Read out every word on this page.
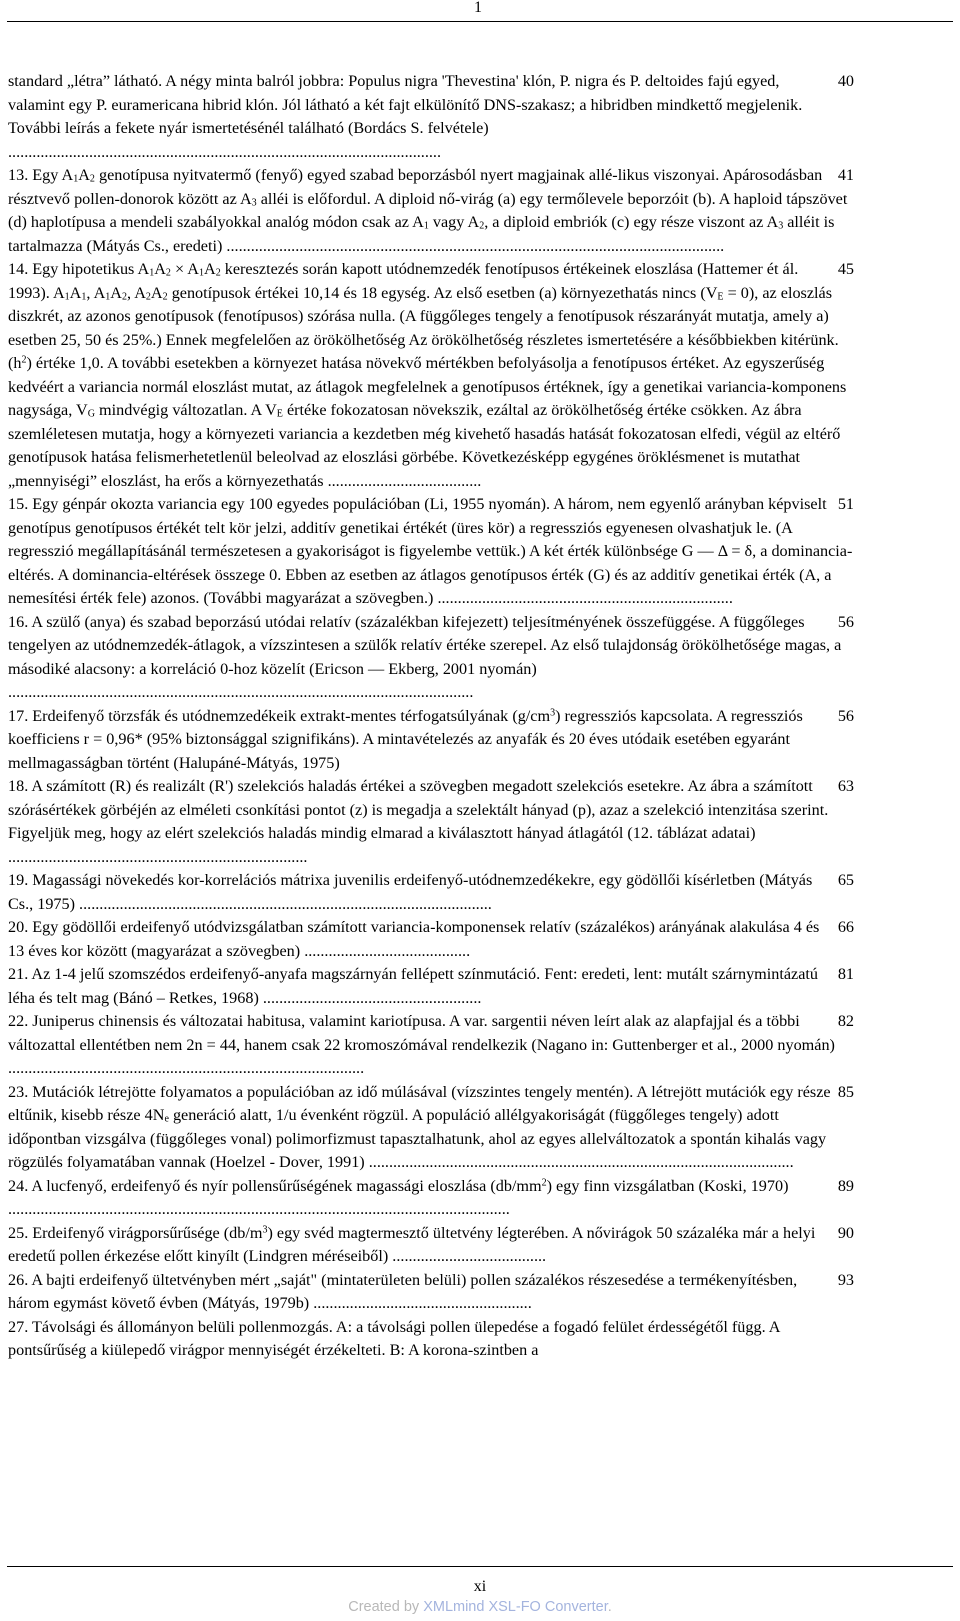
1

40
standard „létra” látható. A négy minta balról jobbra: Populus nigra 'Thevestina' klón, P. nigra és P. deltoides fajú egyed, valamint egy P. euramericana hibrid klón. Jól látható a két fajt elkülönítő DNS-szakasz; a hibridben mindkettő megjelenik. További leírás a fekete nyár ismertetésénél található (Bordács S. felvétele) ...........................................................................................................

41
13. Egy $A_1A_2$ genotípusa nyitvatermő (fenyő) egyed szabad beporzásból nyert magjainak allé-likus viszonyai. Apárosodásban résztvevő pollen-donorok között az $A_3$ alléi is előfordul. A diploid nő-virág (a) egy termőlevele beporzóit (b). A haploid tápszövet (d) haplotípusa a mendeli szabályokkal analóg módon csak az $A_1$ vagy $A_2$, a diploid embriók (c) egy része viszont az $A_3$ alléit is tartalmazza (Mátyás Cs., eredeti) ...........................................................................................................................

45
14. Egy hipotetikus $A_1A_2 \times A_1A_2$ keresztezés során kapott utódnemzedék fenotípusos értékeinek eloszlása (Hattemer ét ál. 1993). $A_1A_1$, $A_1A_2$, $A_2A_2$ genotípusok értékei 10,14 és 18 egység. Az első esetben (a) környezethatás nincs $(V_E = 0)$, az eloszlás diszkrét, az azonos genotípusok (fenotípusos) szórása nulla. (A függőleges tengely a fenotípusok részarányát mutatja, amely a) esetben 25, 50 és 25%.) Ennek megfelelően az örökölhetőség Az örökölhetőség részletes ismertetésére a későbbiekben kitérünk. $(h^2)$ értéke 1,0. A további esetekben a környezet hatása növekvő mértékben befolyásolja a fenotípusos értéket. Az egyszerűség kedvéért a variancia normál eloszlást mutat, az átlagok megfelelnek a genotípusos értéknek, így a genetikai variancia-komponens nagysága, $V_G$ mindvégig változatlan. A $V_E$ értéke fokozatosan növekszik, ezáltal az örökölhetőség értéke csökken. Az ábra szemléletesen mutatja, hogy a környezeti variancia a kezdetben még kivehető hasadás hatását fokozatosan elfedi, végül az eltérő genotípusok hatása felismerhetetlenül beleolvad az eloszlási görbébe. Következésképp egygénes öröklésmenet is mutathat „mennyiségi” eloszlást, ha erős a környezethatás ......................................

51
15. Egy génpár okozta variancia egy 100 egyedes populációban (Li, 1955 nyomán). A három, nem egyenlő arányban képviselt genotípus genotípusos értékét telt kör jelzi, additív genetikai értékét (üres kör) a regressziós egyenesen olvashatjuk le. (A regresszió megállapításánál természetesen a gyakoriságot is figyelembe vettük.) A két érték különbsége G — Δ = δ, a dominancia-eltérés. A dominancia-eltérések összege 0. Ebben az esetben az átlagos genotípusos érték (G) és az additív genetikai érték (A, a nemesítési érték fele) azonos. (További magyarázat a szövegben.) .........................................................................

56
16. A szülő (anya) és szabad beporzású utódai relatív (százalékban kifejezett) teljesítményének összefüggése. A függőleges tengelyen az utódnemzedék-átlagok, a vízszintesen a szülők relatív értéke szerepel. Az első tulajdonság örökölhetősége magas, a másodiké alacsony: a korreláció 0-hoz közelít (Ericson — Ekberg, 2001 nyomán) ...................................................................................................................

56
17. Erdeifenyő törzsfák és utódnemzedékeik extrakt-mentes térfogatsúlyának $(g/cm^3)$ regressziós kapcsolata. A regressziós koefficiens r = 0,96* (95% biztonsággal szignifikáns). A mintavételezés az anyafák és 20 éves utódaik esetében egyaránt mellmagasságban történt (Halupáné-Mátyás, 1975)

63
18. A számított (R) és realizált (R') szelekciós haladás értékei a szövegben megadott szelekciós esetekre. Az ábra a számított szórásértékek görbéjén az elméleti csonkítási pontot (z) is megadja a szelektált hányad (p), azaz a szelekció intenzitása szerint. Figyeljük meg, hogy az elért szelekciós haladás mindig elmarad a kiválasztott hányad átlagától (12. táblázat adatai) ..........................................................................

65
19. Magassági növekedés kor-korrelációs mátrixa juvenilis erdeifenyő-utódnemzedékekre, egy gödöllői kísérletben (Mátyás Cs., 1975) ......................................................................................................

66
20. Egy gödöllői erdeifenyő utódvizsgálatban számított variancia-komponensek relatív (százalékos) arányának alakulása 4 és 13 éves kor között (magyarázat a szövegben) .........................................

81
21. Az 1-4 jelű szomszédos erdeifenyő-anyafa magszárnyán fellépett színmutáció. Fent: eredeti, lent: mutált szárnymintázatú léha és telt mag (Bánó – Retkes, 1968) ......................................................

82
22. Juniperus chinensis és változatai habitusa, valamint kariotípusa. A var. sargentii néven leírt alak az alapfajjal és a többi változattal ellentétben nem 2n = 44, hanem csak 22 kromoszómával rendelkezik (Nagano in: Guttenberger et al., 2000 nyomán) ........................................................................................

85
23. Mutációk létrejötte folyamatos a populációban az idő múlásával (vízszintes tengely mentén). A létrejött mutációk egy része eltűnik, kisebb része $4N_e$ generáció alatt, 1/u évenként rögzül. A populáció allélgyakoriságát (függőleges tengely) adott időpontban vizsgálva (függőleges vonal) polimorfizmust tapasztalhatunk, ahol az egyes allelváltozatok a spontán kihalás vagy rögzülés folyamatában vannak (Hoelzel - Dover, 1991) .........................................................................................................

89
24. A lucfenyő, erdeifenyő és nyír pollensűrűségének magassági eloszlása $(db/mm^2)$ egy finn vizsgálatban (Koski, 1970) ............................................................................................................................

90
25. Erdeifenyő virágporsűrűsége $(db/m^3)$ egy svéd magtermesztő ültetvény légterében. A nővirágok 50 százaléka már a helyi eredetű pollen érkezése előtt kinyílt (Lindgren méréseiből) ......................................

93
26. A bajti erdeifenyő ültetvényben mért „saját" (mintaterületen belüli) pollen százalékos részesedése a termékenyítésben, három egymást követő évben (Mátyás, 1979b) ......................................................

27. Távolsági és állományon belüli pollenmozgás. A: a távolsági pollen ülepedése a fogadó felület érdességétől függ. A pontsűrűség a kiülepedő virágpor mennyiségét érzékelteti. B: A korona-szintben a

xi
Created by XMLmind XSL-FO Converter.
